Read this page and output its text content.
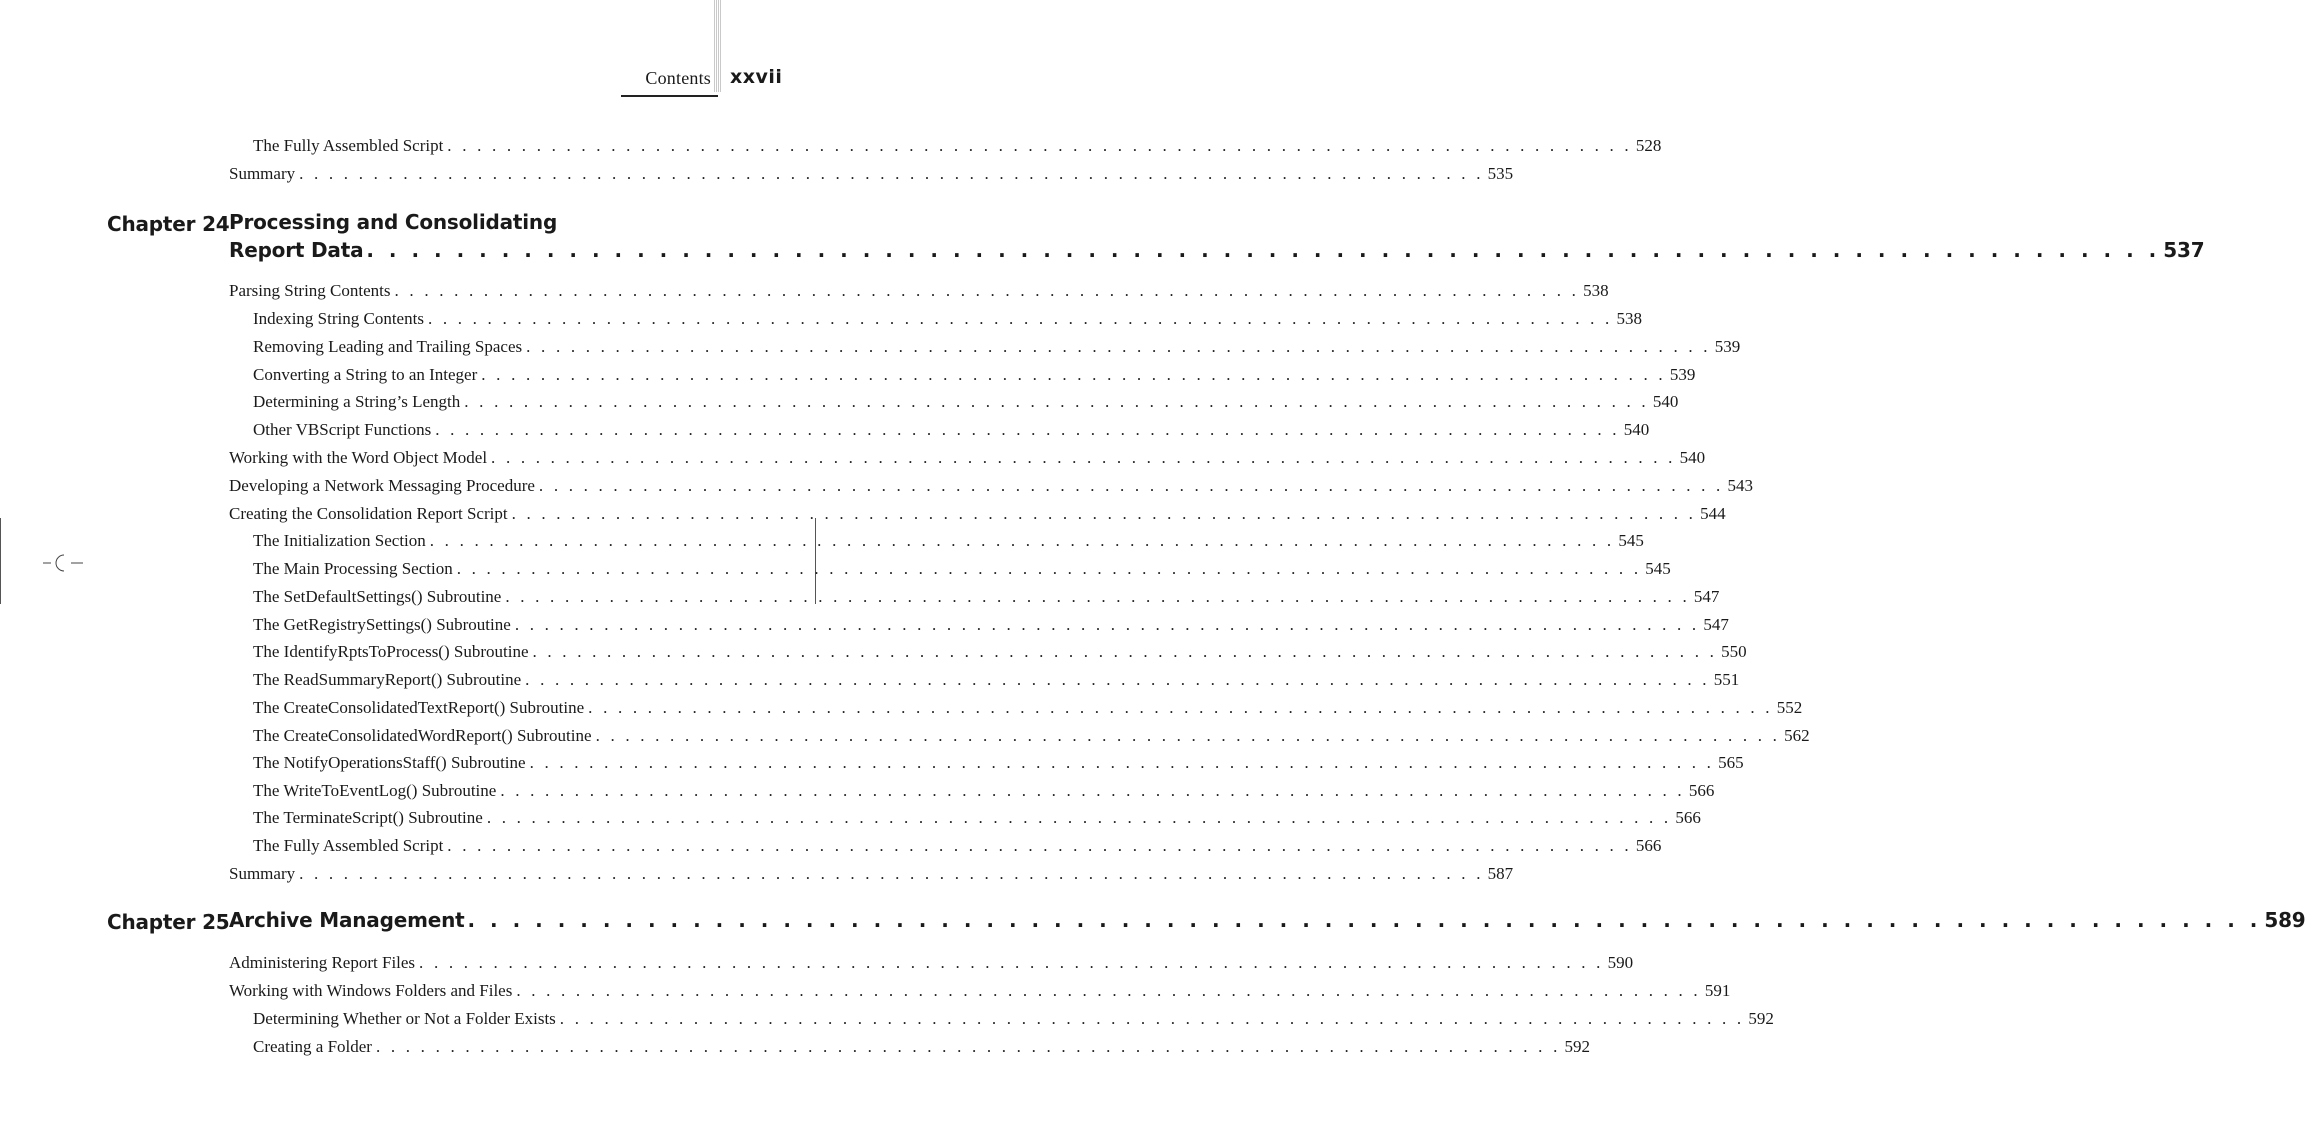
Contents xxvii
The Fully Assembled Script . . . . . . . . . . . . . . . . . . . . . . . . . . . . . . . . . . . . . . . . . . . . . . . . . . . . . . . . . . . . . . . . . . . . . . . . . . . . . . . . 528
Summary . . . . . . . . . . . . . . . . . . . . . . . . . . . . . . . . . . . . . . . . . . . . . . . . . . . . . . . . . . . . . . . . . . . . . . . . . . . . . . . . 535
Chapter 24 Processing and Consolidating
Report Data . . . . . . . . . . . . . . . . . . . . . . . . . . . . . . . . . . . . . . . . . . . . . . . . . . . . . . . . . . . . . . . . . . . . . . . . . . . . . . . . 537
Parsing String Contents . . . . . . . . . . . . . . . . . . . . . . . . . . . . . . . . . . . . . . . . . . . . . . . . . . . . . . . . . . . . . . . . . . . . . . . . . . . . . . . . 538
Indexing String Contents . . . . . . . . . . . . . . . . . . . . . . . . . . . . . . . . . . . . . . . . . . . . . . . . . . . . . . . . . . . . . . . . . . . . . . . . . . . . . . . . 538
Removing Leading and Trailing Spaces . . . . . . . . . . . . . . . . . . . . . . . . . . . . . . . . . . . . . . . . . . . . . . . . . . . . . . . . . . . . . . . . . . . . . . . . . . . . . . . . 539
Converting a String to an Integer . . . . . . . . . . . . . . . . . . . . . . . . . . . . . . . . . . . . . . . . . . . . . . . . . . . . . . . . . . . . . . . . . . . . . . . . . . . . . . . . 539
Determining a String’s Length . . . . . . . . . . . . . . . . . . . . . . . . . . . . . . . . . . . . . . . . . . . . . . . . . . . . . . . . . . . . . . . . . . . . . . . . . . . . . . . . 540
Other VBScript Functions . . . . . . . . . . . . . . . . . . . . . . . . . . . . . . . . . . . . . . . . . . . . . . . . . . . . . . . . . . . . . . . . . . . . . . . . . . . . . . . . 540
Working with the Word Object Model . . . . . . . . . . . . . . . . . . . . . . . . . . . . . . . . . . . . . . . . . . . . . . . . . . . . . . . . . . . . . . . . . . . . . . . . . . . . . . . . 540
Developing a Network Messaging Procedure . . . . . . . . . . . . . . . . . . . . . . . . . . . . . . . . . . . . . . . . . . . . . . . . . . . . . . . . . . . . . . . . . . . . . . . . . . . . . . . . 543
Creating the Consolidation Report Script . . . . . . . . . . . . . . . . . . . . . . . . . . . . . . . . . . . . . . . . . . . . . . . . . . . . . . . . . . . . . . . . . . . . . . . . . . . . . . . . 544
The Initialization Section . . . . . . . . . . . . . . . . . . . . . . . . . . . . . . . . . . . . . . . . . . . . . . . . . . . . . . . . . . . . . . . . . . . . . . . . . . . . . . . . 545
The Main Processing Section . . . . . . . . . . . . . . . . . . . . . . . . . . . . . . . . . . . . . . . . . . . . . . . . . . . . . . . . . . . . . . . . . . . . . . . . . . . . . . . . 545
The SetDefaultSettings() Subroutine . . . . . . . . . . . . . . . . . . . . . . . . . . . . . . . . . . . . . . . . . . . . . . . . . . . . . . . . . . . . . . . . . . . . . . . . . . . . . . . . 547
The GetRegistrySettings() Subroutine . . . . . . . . . . . . . . . . . . . . . . . . . . . . . . . . . . . . . . . . . . . . . . . . . . . . . . . . . . . . . . . . . . . . . . . . . . . . . . . . 547
The IdentifyRptsToProcess() Subroutine . . . . . . . . . . . . . . . . . . . . . . . . . . . . . . . . . . . . . . . . . . . . . . . . . . . . . . . . . . . . . . . . . . . . . . . . . . . . . . . . 550
The ReadSummaryReport() Subroutine . . . . . . . . . . . . . . . . . . . . . . . . . . . . . . . . . . . . . . . . . . . . . . . . . . . . . . . . . . . . . . . . . . . . . . . . . . . . . . . . 551
The CreateConsolidatedTextReport() Subroutine . . . . . . . . . . . . . . . . . . . . . . . . . . . . . . . . . . . . . . . . . . . . . . . . . . . . . . . . . . . . . . . . . . . . . . . . . . . . . . . . 552
The CreateConsolidatedWordReport() Subroutine . . . . . . . . . . . . . . . . . . . . . . . . . . . . . . . . . . . . . . . . . . . . . . . . . . . . . . . . . . . . . . . . . . . . . . . . . . . . . . . . 562
The NotifyOperationsStaff() Subroutine . . . . . . . . . . . . . . . . . . . . . . . . . . . . . . . . . . . . . . . . . . . . . . . . . . . . . . . . . . . . . . . . . . . . . . . . . . . . . . . . 565
The WriteToEventLog() Subroutine . . . . . . . . . . . . . . . . . . . . . . . . . . . . . . . . . . . . . . . . . . . . . . . . . . . . . . . . . . . . . . . . . . . . . . . . . . . . . . . . 566
The TerminateScript() Subroutine . . . . . . . . . . . . . . . . . . . . . . . . . . . . . . . . . . . . . . . . . . . . . . . . . . . . . . . . . . . . . . . . . . . . . . . . . . . . . . . . 566
The Fully Assembled Script . . . . . . . . . . . . . . . . . . . . . . . . . . . . . . . . . . . . . . . . . . . . . . . . . . . . . . . . . . . . . . . . . . . . . . . . . . . . . . . . 566
Summary . . . . . . . . . . . . . . . . . . . . . . . . . . . . . . . . . . . . . . . . . . . . . . . . . . . . . . . . . . . . . . . . . . . . . . . . . . . . . . . . 587
Chapter 25 Archive Management . . . . . . . . . . . . . . . . . . . . . . . . . . . . . . . . . . . . . . . . . . . . . . . . . . . . . . . . . . . . . . . . . . . . . . . . . . . . . . . . 589
Administering Report Files . . . . . . . . . . . . . . . . . . . . . . . . . . . . . . . . . . . . . . . . . . . . . . . . . . . . . . . . . . . . . . . . . . . . . . . . . . . . . . . . 590
Working with Windows Folders and Files . . . . . . . . . . . . . . . . . . . . . . . . . . . . . . . . . . . . . . . . . . . . . . . . . . . . . . . . . . . . . . . . . . . . . . . . . . . . . . . . 591
Determining Whether or Not a Folder Exists . . . . . . . . . . . . . . . . . . . . . . . . . . . . . . . . . . . . . . . . . . . . . . . . . . . . . . . . . . . . . . . . . . . . . . . . . . . . . . . . 592
Creating a Folder . . . . . . . . . . . . . . . . . . . . . . . . . . . . . . . . . . . . . . . . . . . . . . . . . . . . . . . . . . . . . . . . . . . . . . . . . . . . . . . . 592
